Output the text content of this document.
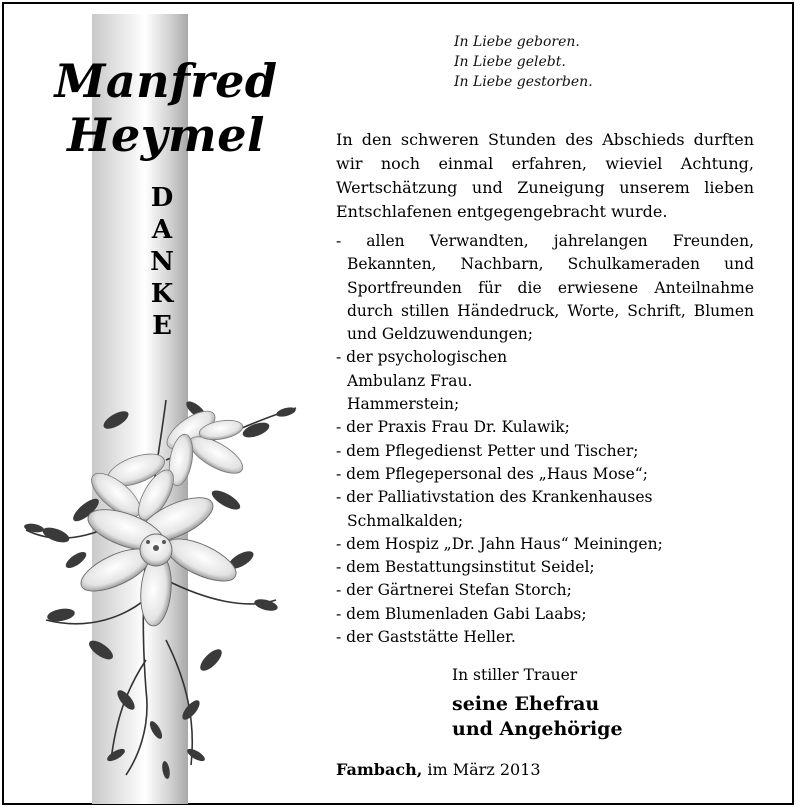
Manfred
Heymel
D
A
N
K
E
In Liebe geboren.
In Liebe gelebt.
In Liebe gestorben.
In den schweren Stunden des Abschieds durften wir noch einmal erfahren, wieviel Achtung, Wertschätzung und Zuneigung unserem lieben Entschlafenen entgegengebracht wurde.

- allen Verwandten, jahrelangen Freunden, Bekannten, Nachbarn, Schulkameraden und Sportfreunden für die erwiesene Anteilnahme durch stillen Händedruck, Worte, Schrift, Blumen und Geldzuwendungen;

- der psychologischen Ambulanz Frau. Hammerstein;

- der Praxis Frau Dr. Kulawik;

- dem Pflegedienst Petter und Tischer;

- dem Pflegepersonal des „Haus Mose“;

- der Palliativstation des Krankenhauses Schmalkalden;

- dem Hospiz „Dr. Jahn Haus“ Meiningen;

- dem Bestattungsinstitut Seidel;

- der Gärtnerei Stefan Storch;

- dem Blumenladen Gabi Laabs;

- der Gaststätte Heller.

In stiller Trauer
seine Ehefrau
und Angehörige
Fambach, im März 2013
